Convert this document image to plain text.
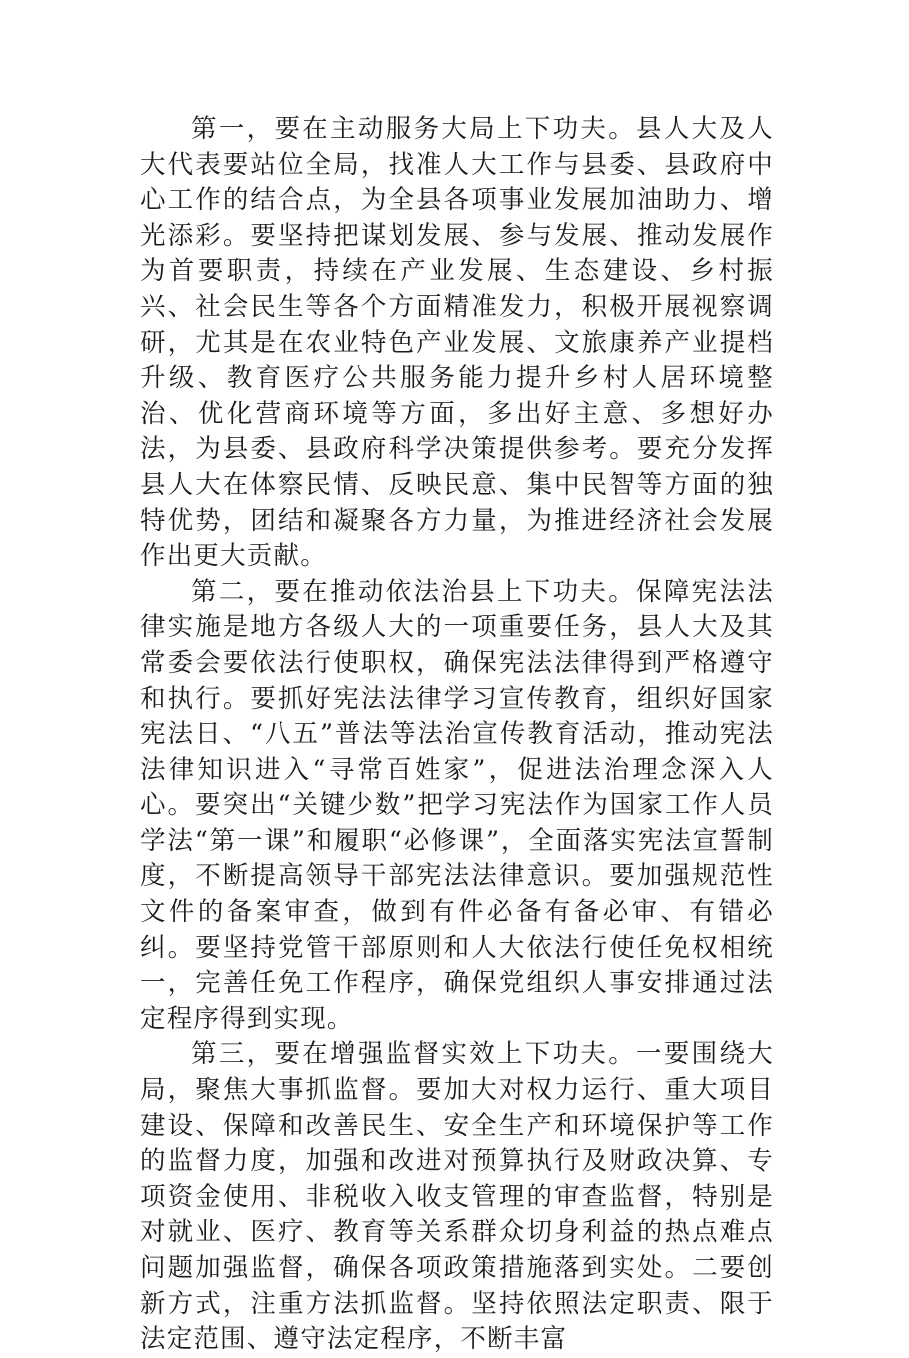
第一，要在主动服务大局上下功夫。县人大及人大代表要站位全局，找准人大工作与县委、县政府中心工作的结合点，为全县各项事业发展加油助力、增光添彩。要坚持把谋划发展、参与发展、推动发展作为首要职责，持续在产业发展、生态建设、乡村振兴、社会民生等各个方面精准发力，积极开展视察调研，尤其是在农业特色产业发展、文旅康养产业提档升级、教育医疗公共服务能力提升乡村人居环境整治、优化营商环境等方面，多出好主意、多想好办法，为县委、县政府科学决策提供参考。要充分发挥县人大在体察民情、反映民意、集中民智等方面的独特优势，团结和凝聚各方力量，为推进经济社会发展作出更大贡献。

第二，要在推动依法治县上下功夫。保障宪法法律实施是地方各级人大的一项重要任务，县人大及其常委会要依法行使职权，确保宪法法律得到严格遵守和执行。要抓好宪法法律学习宣传教育，组织好国家宪法日、“八五”普法等法治宣传教育活动，推动宪法法律知识进入“寻常百姓家”，促进法治理念深入人心。要突出“关键少数”把学习宪法作为国家工作人员学法“第一课”和履职“必修课”，全面落实宪法宣誓制度，不断提高领导干部宪法法律意识。要加强规范性文件的备案审查，做到有件必备有备必审、有错必纠。要坚持党管干部原则和人大依法行使任免权相统一，完善任免工作程序，确保党组织人事安排通过法定程序得到实现。

第三，要在增强监督实效上下功夫。一要围绕大局，聚焦大事抓监督。要加大对权力运行、重大项目建设、保障和改善民生、安全生产和环境保护等工作的监督力度，加强和改进对预算执行及财政决算、专项资金使用、非税收入收支管理的审查监督，特别是对就业、医疗、教育等关系群众切身利益的热点难点问题加强监督，确保各项政策措施落到实处。二要创新方式，注重方法抓监督。坚持依照法定职责、限于法定范围、遵守法定程序，不断丰富
